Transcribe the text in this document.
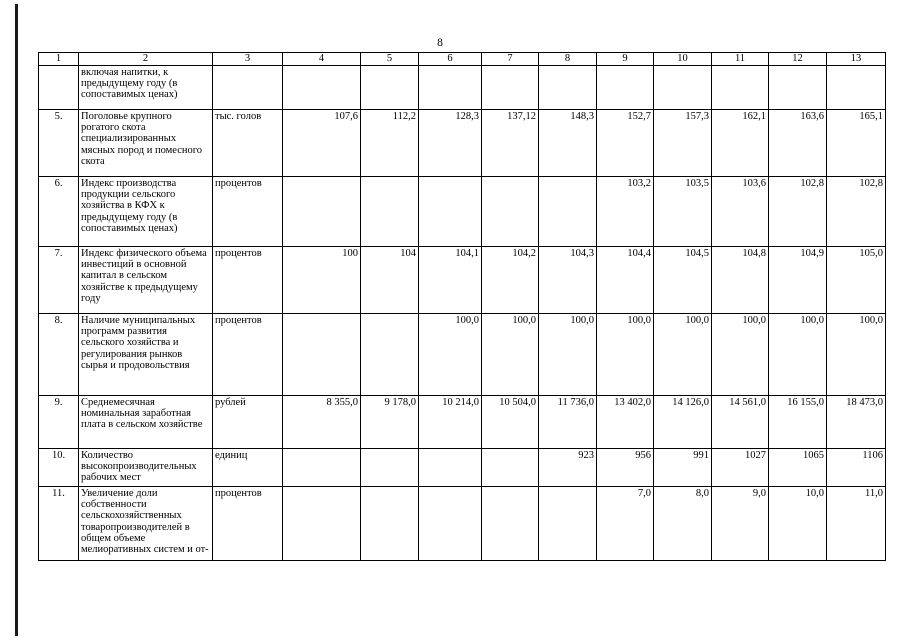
8
1	2	3	4	5	6	7	8	9	10	11	12	13
	включая напитки, к предыдущему году (в сопоставимых ценах)											
5.	Поголовье крупного рогатого скота специализированных мясных пород и помесного скота	тыс. голов	107,6	112,2	128,3	137,12	148,3	152,7	157,3	162,1	163,6	165,1
6.	Индекс производства продукции сельского хозяйства в КФХ к предыдущему году (в сопоставимых ценах)	процентов						103,2	103,5	103,6	102,8	102,8
7.	Индекс физического объема инвестиций в основной капитал в сельском хозяйстве к предыдущему году	процентов	100	104	104,1	104,2	104,3	104,4	104,5	104,8	104,9	105,0
8.	Наличие муниципальных программ развития сельского хозяйства и регулирования рынков сырья и продовольствия	процентов			100,0	100,0	100,0	100,0	100,0	100,0	100,0	100,0
9.	Среднемесячная номинальная заработная плата в сельском хозяйстве	рублей	8 355,0	9 178,0	10 214,0	10 504,0	11 736,0	13 402,0	14 126,0	14 561,0	16 155,0	18 473,0
10.	Количество высокопроизводительных рабочих мест	единиц					923	956	991	1027	1065	1106
11.	Увеличение доли собственности сельскохозяйственных товаропроизводителей в общем объеме мелиоративных систем и от-	процентов						7,0	8,0	9,0	10,0	11,0
